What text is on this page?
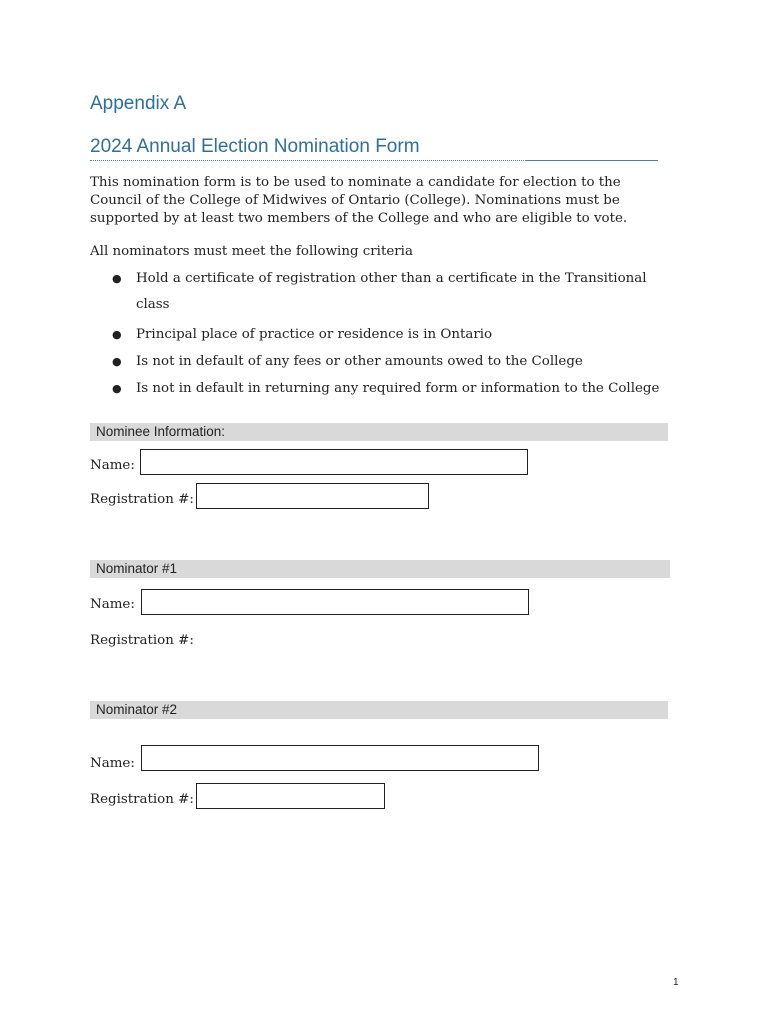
Appendix A
2024 Annual Election Nomination Form

This nomination form is to be used to nominate a candidate for election to the Council of the College of Midwives of Ontario (College). Nominations must be supported by at least two members of the College and who are eligible to vote.

All nominators must meet the following criteria

● Hold a certificate of registration other than a certificate in the Transitional class
● Principal place of practice or residence is in Ontario
● Is not in default of any fees or other amounts owed to the College
● Is not in default in returning any required form or information to the College
Nominee Information:
Name:
Registration #:
Nominator #1
Name:
Registration #:
Nominator #2
Name:
Registration #:
1
